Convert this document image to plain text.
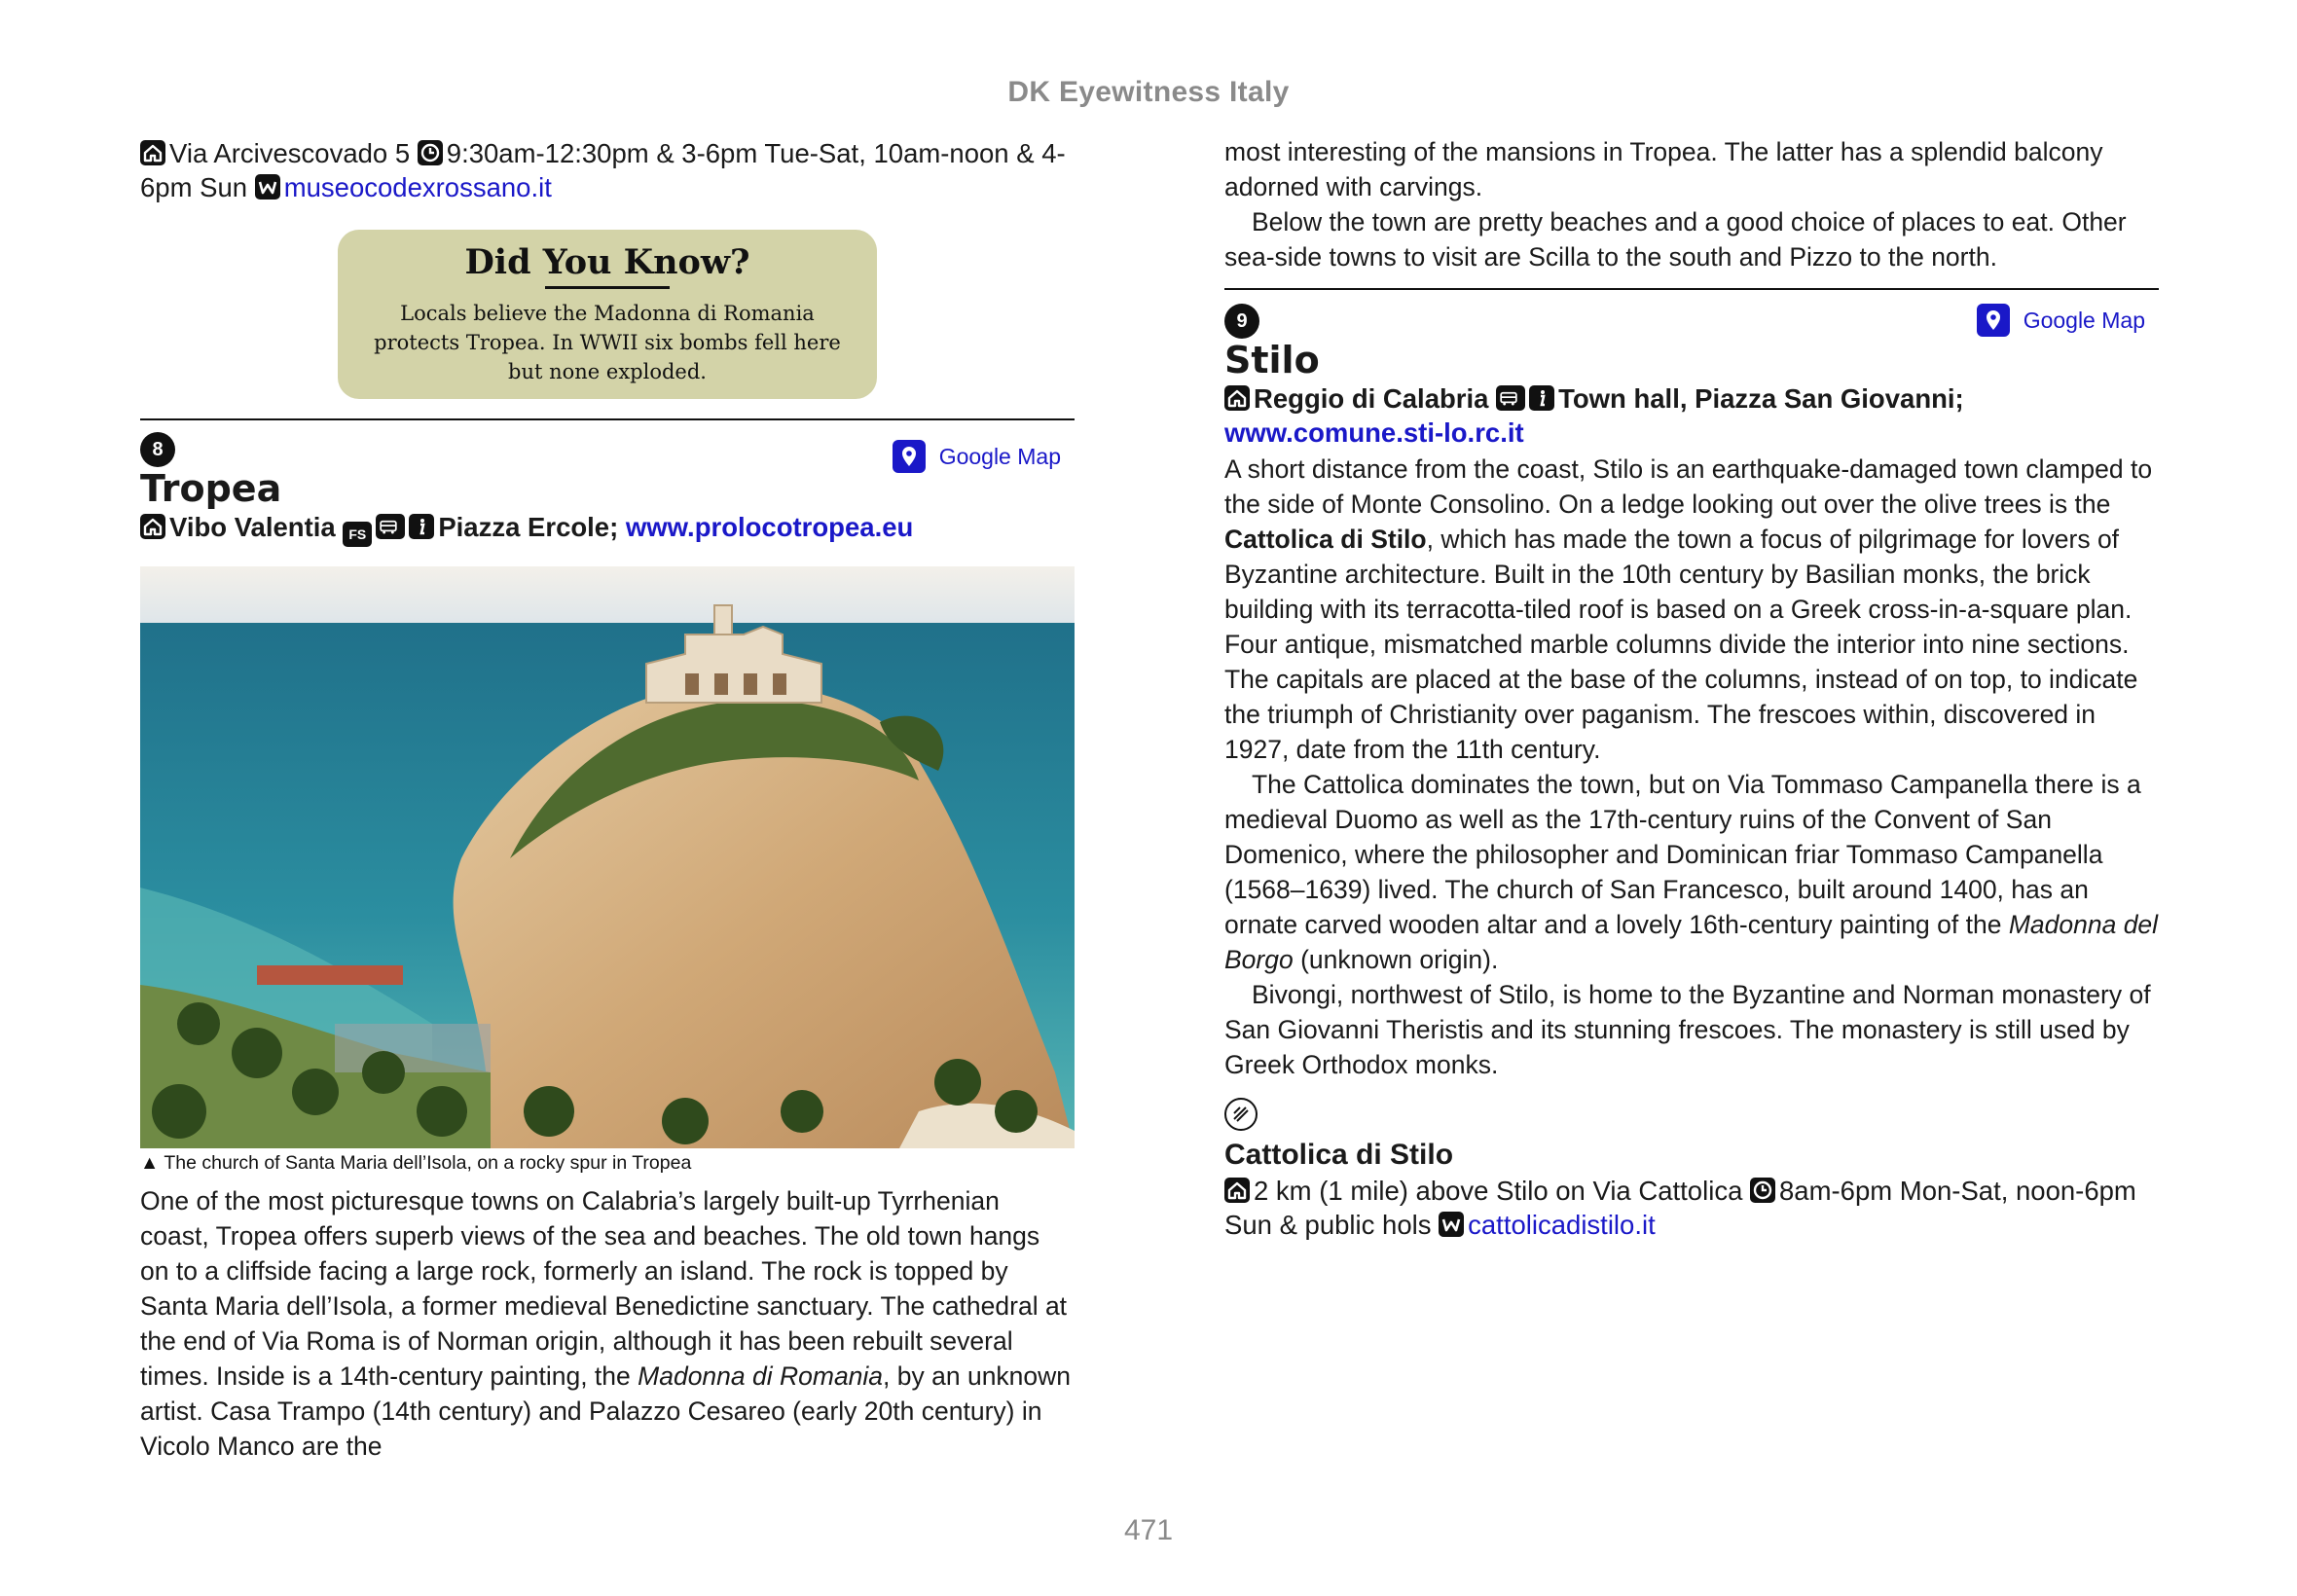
DK Eyewitness Italy

Via Arcivescovado 5 9:30am-12:30pm & 3-6pm Tue-Sat, 10am-noon & 4-6pm Sun museocodexrossano.it

Did You Know?
Locals believe the Madonna di Romania protects Tropea. In WWII six bombs fell here but none exploded.
8
Tropea
Google Map

Vibo Valentia FS	Piazza Ercole; www.prolocotropea.eu

▲ The church of Santa Maria dell’Isola, on a rocky spur in Tropea

One of the most picturesque towns on Calabria’s largely built-up Tyrrhenian coast, Tropea offers superb views of the sea and beaches. The old town hangs on to a cliffside facing a large rock, formerly an island. The rock is topped by Santa Maria dell’Isola, a former medieval Benedictine sanctuary. The cathedral at the end of Via Roma is of Norman origin, although it has been rebuilt several times. Inside is a 14th-century painting, the Madonna di Romania, by an unknown artist. Casa Trampo (14th century) and Palazzo Cesareo (early 20th century) in Vicolo Manco are the

most interesting of the mansions in Tropea. The latter has a splendid balcony adorned with carvings.

Below the town are pretty beaches and a good choice of places to eat. Other sea-side towns to visit are Scilla to the south and Pizzo to the north.

9
Stilo
Google Map

Reggio di Calabria	Town hall, Piazza San Giovanni; www.comune.sti-lo.rc.it

A short distance from the coast, Stilo is an earthquake-damaged town clamped to the side of Monte Consolino. On a ledge looking out over the olive trees is the Cattolica di Stilo, which has made the town a focus of pilgrimage for lovers of Byzantine architecture. Built in the 10th century by Basilian monks, the brick building with its terracotta-tiled roof is based on a Greek cross-in-a-square plan. Four antique, mismatched marble columns divide the interior into nine sections. The capitals are placed at the base of the columns, instead of on top, to indicate the triumph of Christianity over paganism. The frescoes within, discovered in 1927, date from the 11th century.

The Cattolica dominates the town, but on Via Tommaso Campanella there is a medieval Duomo as well as the 17th-century ruins of the Convent of San Domenico, where the philosopher and Dominican friar Tommaso Campanella (1568–1639) lived. The church of San Francesco, built around 1400, has an ornate carved wooden altar and a lovely 16th-century painting of the Madonna del Borgo (unknown origin).

Bivongi, northwest of Stilo, is home to the Byzantine and Norman monastery of San Giovanni Theristis and its stunning frescoes. The monastery is still used by Greek Orthodox monks.

Cattolica di Stilo

2 km (1 mile) above Stilo on Via Cattolica 8am-6pm Mon-Sat, noon-6pm Sun & public hols cattolicadistilo.it

471
